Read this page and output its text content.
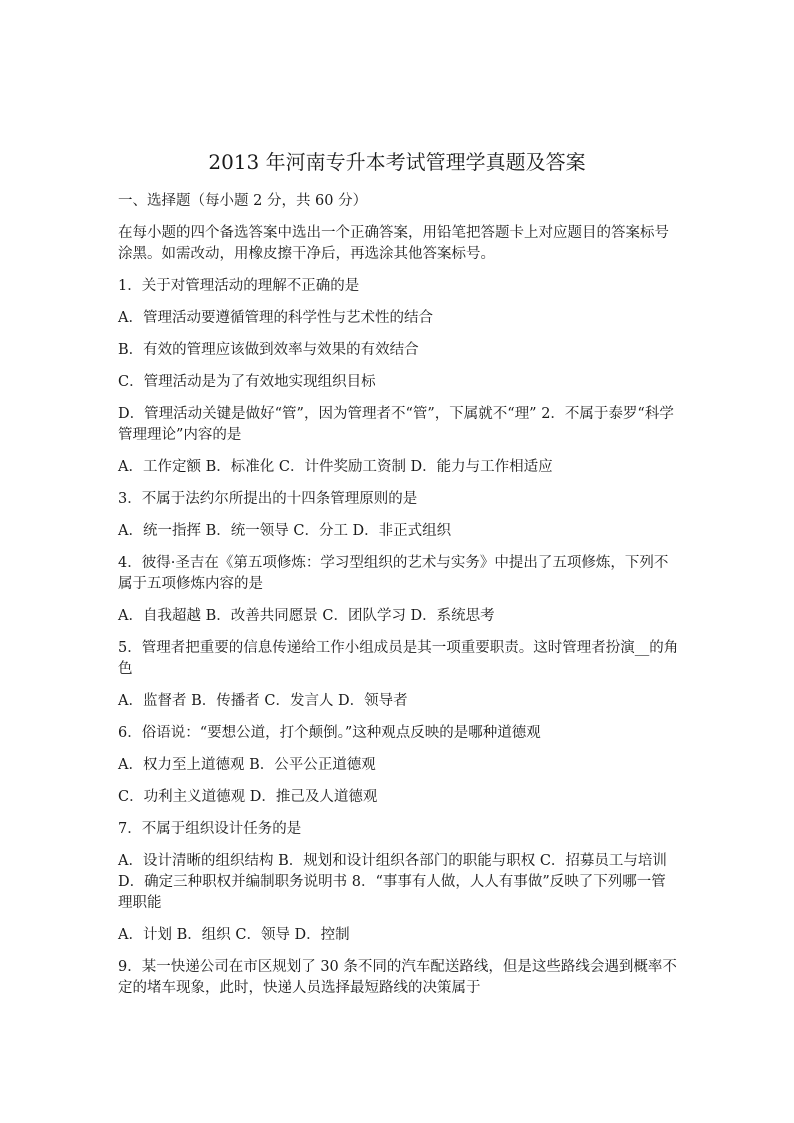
2013 年河南专升本考试管理学真题及答案

一、选择题（每小题 2 分，共 60 分）

在每小题的四个备选答案中选出一个正确答案，用铅笔把答题卡上对应题目的答案标号涂黑。如需改动，用橡皮擦干净后，再选涂其他答案标号。

1．关于对管理活动的理解不正确的是

A．管理活动要遵循管理的科学性与艺术性的结合

B．有效的管理应该做到效率与效果的有效结合

C．管理活动是为了有效地实现组织目标

D．管理活动关键是做好“管”，因为管理者不“管”，下属就不“理” 2．不属于泰罗“科学管理理论”内容的是

A．工作定额 B．标准化 C．计件奖励工资制 D．能力与工作相适应

3．不属于法约尔所提出的十四条管理原则的是

A．统一指挥 B．统一领导 C．分工 D．非正式组织

4．彼得·圣吉在《第五项修炼：学习型组织的艺术与实务》中提出了五项修炼，下列不属于五项修炼内容的是

A．自我超越 B．改善共同愿景 C．团队学习 D．系统思考

5．管理者把重要的信息传递给工作小组成员是其一项重要职责。这时管理者扮演__的角色

A．监督者 B．传播者 C．发言人 D．领导者

6．俗语说：“要想公道，打个颠倒。”这种观点反映的是哪种道德观

A．权力至上道德观 B．公平公正道德观

C．功利主义道德观 D．推己及人道德观

7．不属于组织设计任务的是

A．设计清晰的组织结构 B．规划和设计组织各部门的职能与职权 C．招募员工与培训 D．确定三种职权并编制职务说明书 8．“事事有人做，人人有事做”反映了下列哪一管理职能

A．计划 B．组织 C．领导 D．控制

9．某一快递公司在市区规划了 30 条不同的汽车配送路线，但是这些路线会遇到概率不定的堵车现象，此时，快递人员选择最短路线的决策属于
